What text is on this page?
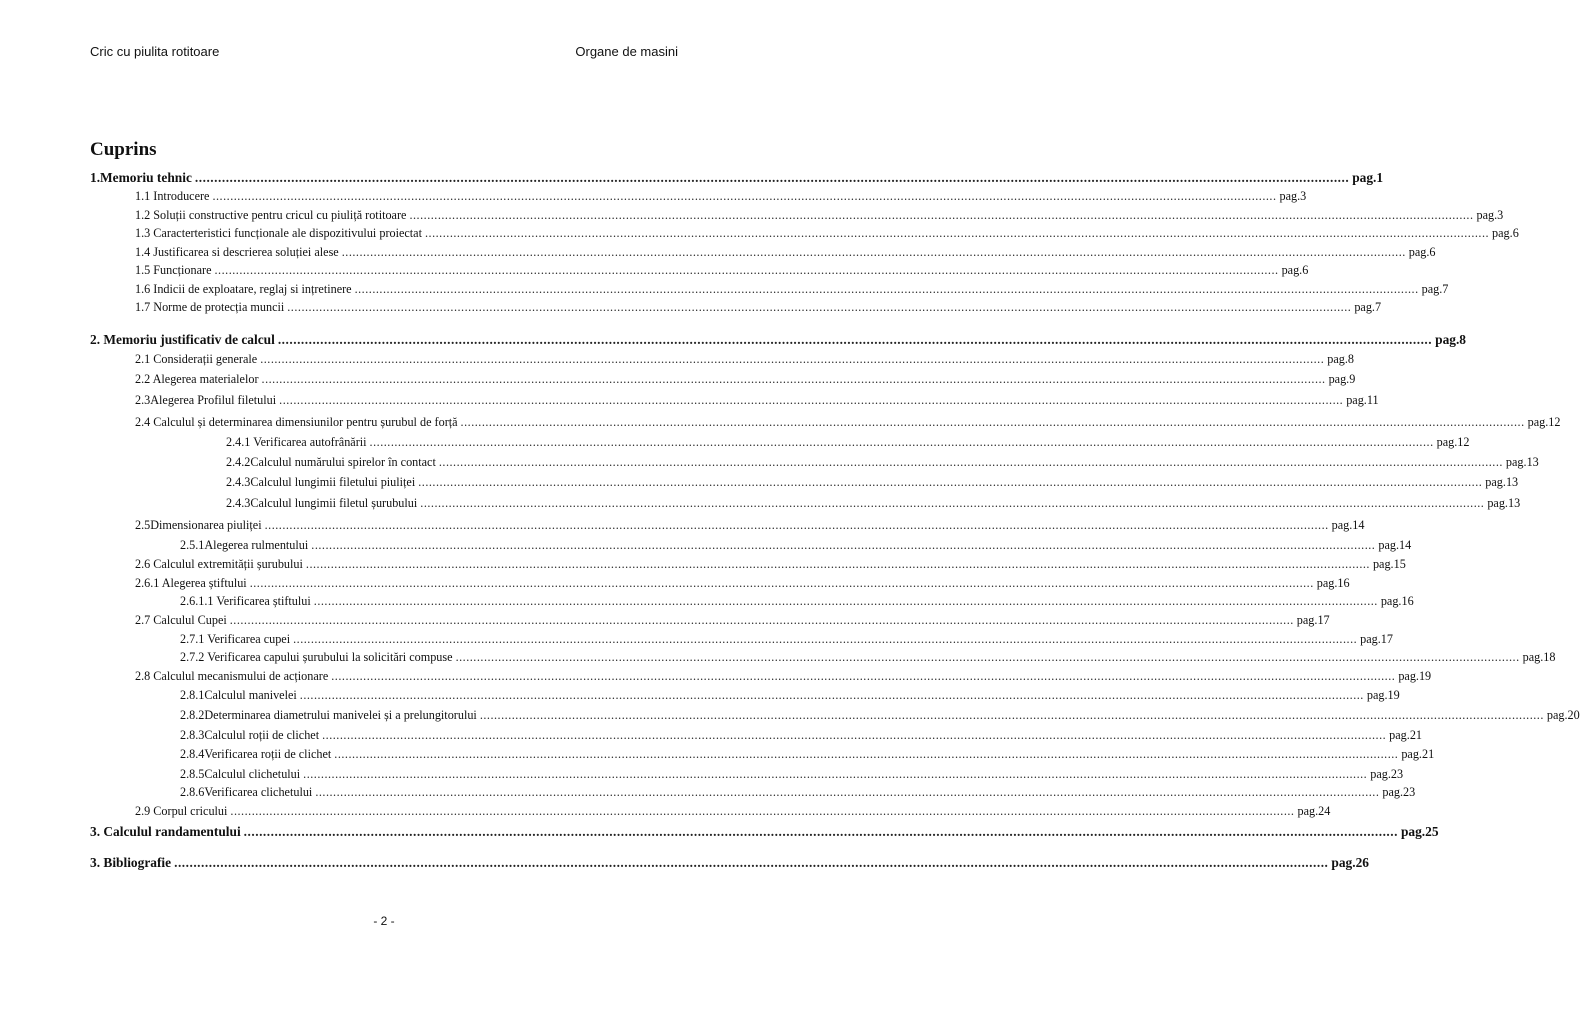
Cric cu piulita rotitoare	Organe de masini
Cuprins
1.Memoriu tehnic ............................................................................................................................................................................................................................................................................................................ pag.1
1.1 Introducere ............................................................................................................................................................................................................................................................................................................ pag.3
1.2 Soluții constructive pentru cricul cu piuliță rotitoare ............................................................................................................................................................................................................................................................................................................ pag.3
1.3 Caracterteristici funcționale ale dispozitivului proiectat ............................................................................................................................................................................................................................................................................................................ pag.6
1.4 Justificarea si descrierea soluției alese ............................................................................................................................................................................................................................................................................................................ pag.6
1.5 Funcționare ............................................................................................................................................................................................................................................................................................................ pag.6
1.6 Indicii de exploatare, reglaj si ințretinere ............................................................................................................................................................................................................................................................................................................ pag.7
1.7 Norme de protecția muncii ............................................................................................................................................................................................................................................................................................................ pag.7
2. Memoriu justificativ de calcul ............................................................................................................................................................................................................................................................................................................ pag.8
2.1 Considerații generale ............................................................................................................................................................................................................................................................................................................ pag.8
2.2 Alegerea materialelor ............................................................................................................................................................................................................................................................................................................ pag.9
2.3Alegerea Profilul filetului ............................................................................................................................................................................................................................................................................................................ pag.11
2.4 Calculul și determinarea dimensiunilor pentru șurubul de forță ............................................................................................................................................................................................................................................................................................................ pag.12
2.4.1 Verificarea autofrânării ............................................................................................................................................................................................................................................................................................................ pag.12
2.4.2Calculul numărului spirelor în contact ............................................................................................................................................................................................................................................................................................................ pag.13
2.4.3Calculul lungimii filetului piuliței ............................................................................................................................................................................................................................................................................................................ pag.13
2.4.3Calculul lungimii filetul șurubului ............................................................................................................................................................................................................................................................................................................ pag.13
2.5Dimensionarea piuliței ............................................................................................................................................................................................................................................................................................................ pag.14
2.5.1Alegerea rulmentului ............................................................................................................................................................................................................................................................................................................ pag.14
2.6 Calculul extremității șurubului ............................................................................................................................................................................................................................................................................................................ pag.15
2.6.1 Alegerea știftului ............................................................................................................................................................................................................................................................................................................ pag.16
2.6.1.1 Verificarea știftului ............................................................................................................................................................................................................................................................................................................ pag.16
2.7 Calculul Cupei ............................................................................................................................................................................................................................................................................................................ pag.17
2.7.1 Verificarea cupei ............................................................................................................................................................................................................................................................................................................ pag.17
2.7.2 Verificarea capului șurubului la solicitări compuse ............................................................................................................................................................................................................................................................................................................ pag.18
2.8 Calculul mecanismului de acționare ............................................................................................................................................................................................................................................................................................................ pag.19
2.8.1Calculul manivelei ............................................................................................................................................................................................................................................................................................................ pag.19
2.8.2Determinarea diametrului manivelei și a prelungitorului ............................................................................................................................................................................................................................................................................................................ pag.20
2.8.3Calculul roții de clichet ............................................................................................................................................................................................................................................................................................................ pag.21
2.8.4Verificarea roții de clichet ............................................................................................................................................................................................................................................................................................................ pag.21
2.8.5Calculul clichetului ............................................................................................................................................................................................................................................................................................................ pag.23
2.8.6Verificarea clichetului ............................................................................................................................................................................................................................................................................................................ pag.23
2.9 Corpul cricului ............................................................................................................................................................................................................................................................................................................ pag.24
3. Calculul randamentului ............................................................................................................................................................................................................................................................................................................ pag.25
3. Bibliografie ............................................................................................................................................................................................................................................................................................................ pag.26
- 2 -
